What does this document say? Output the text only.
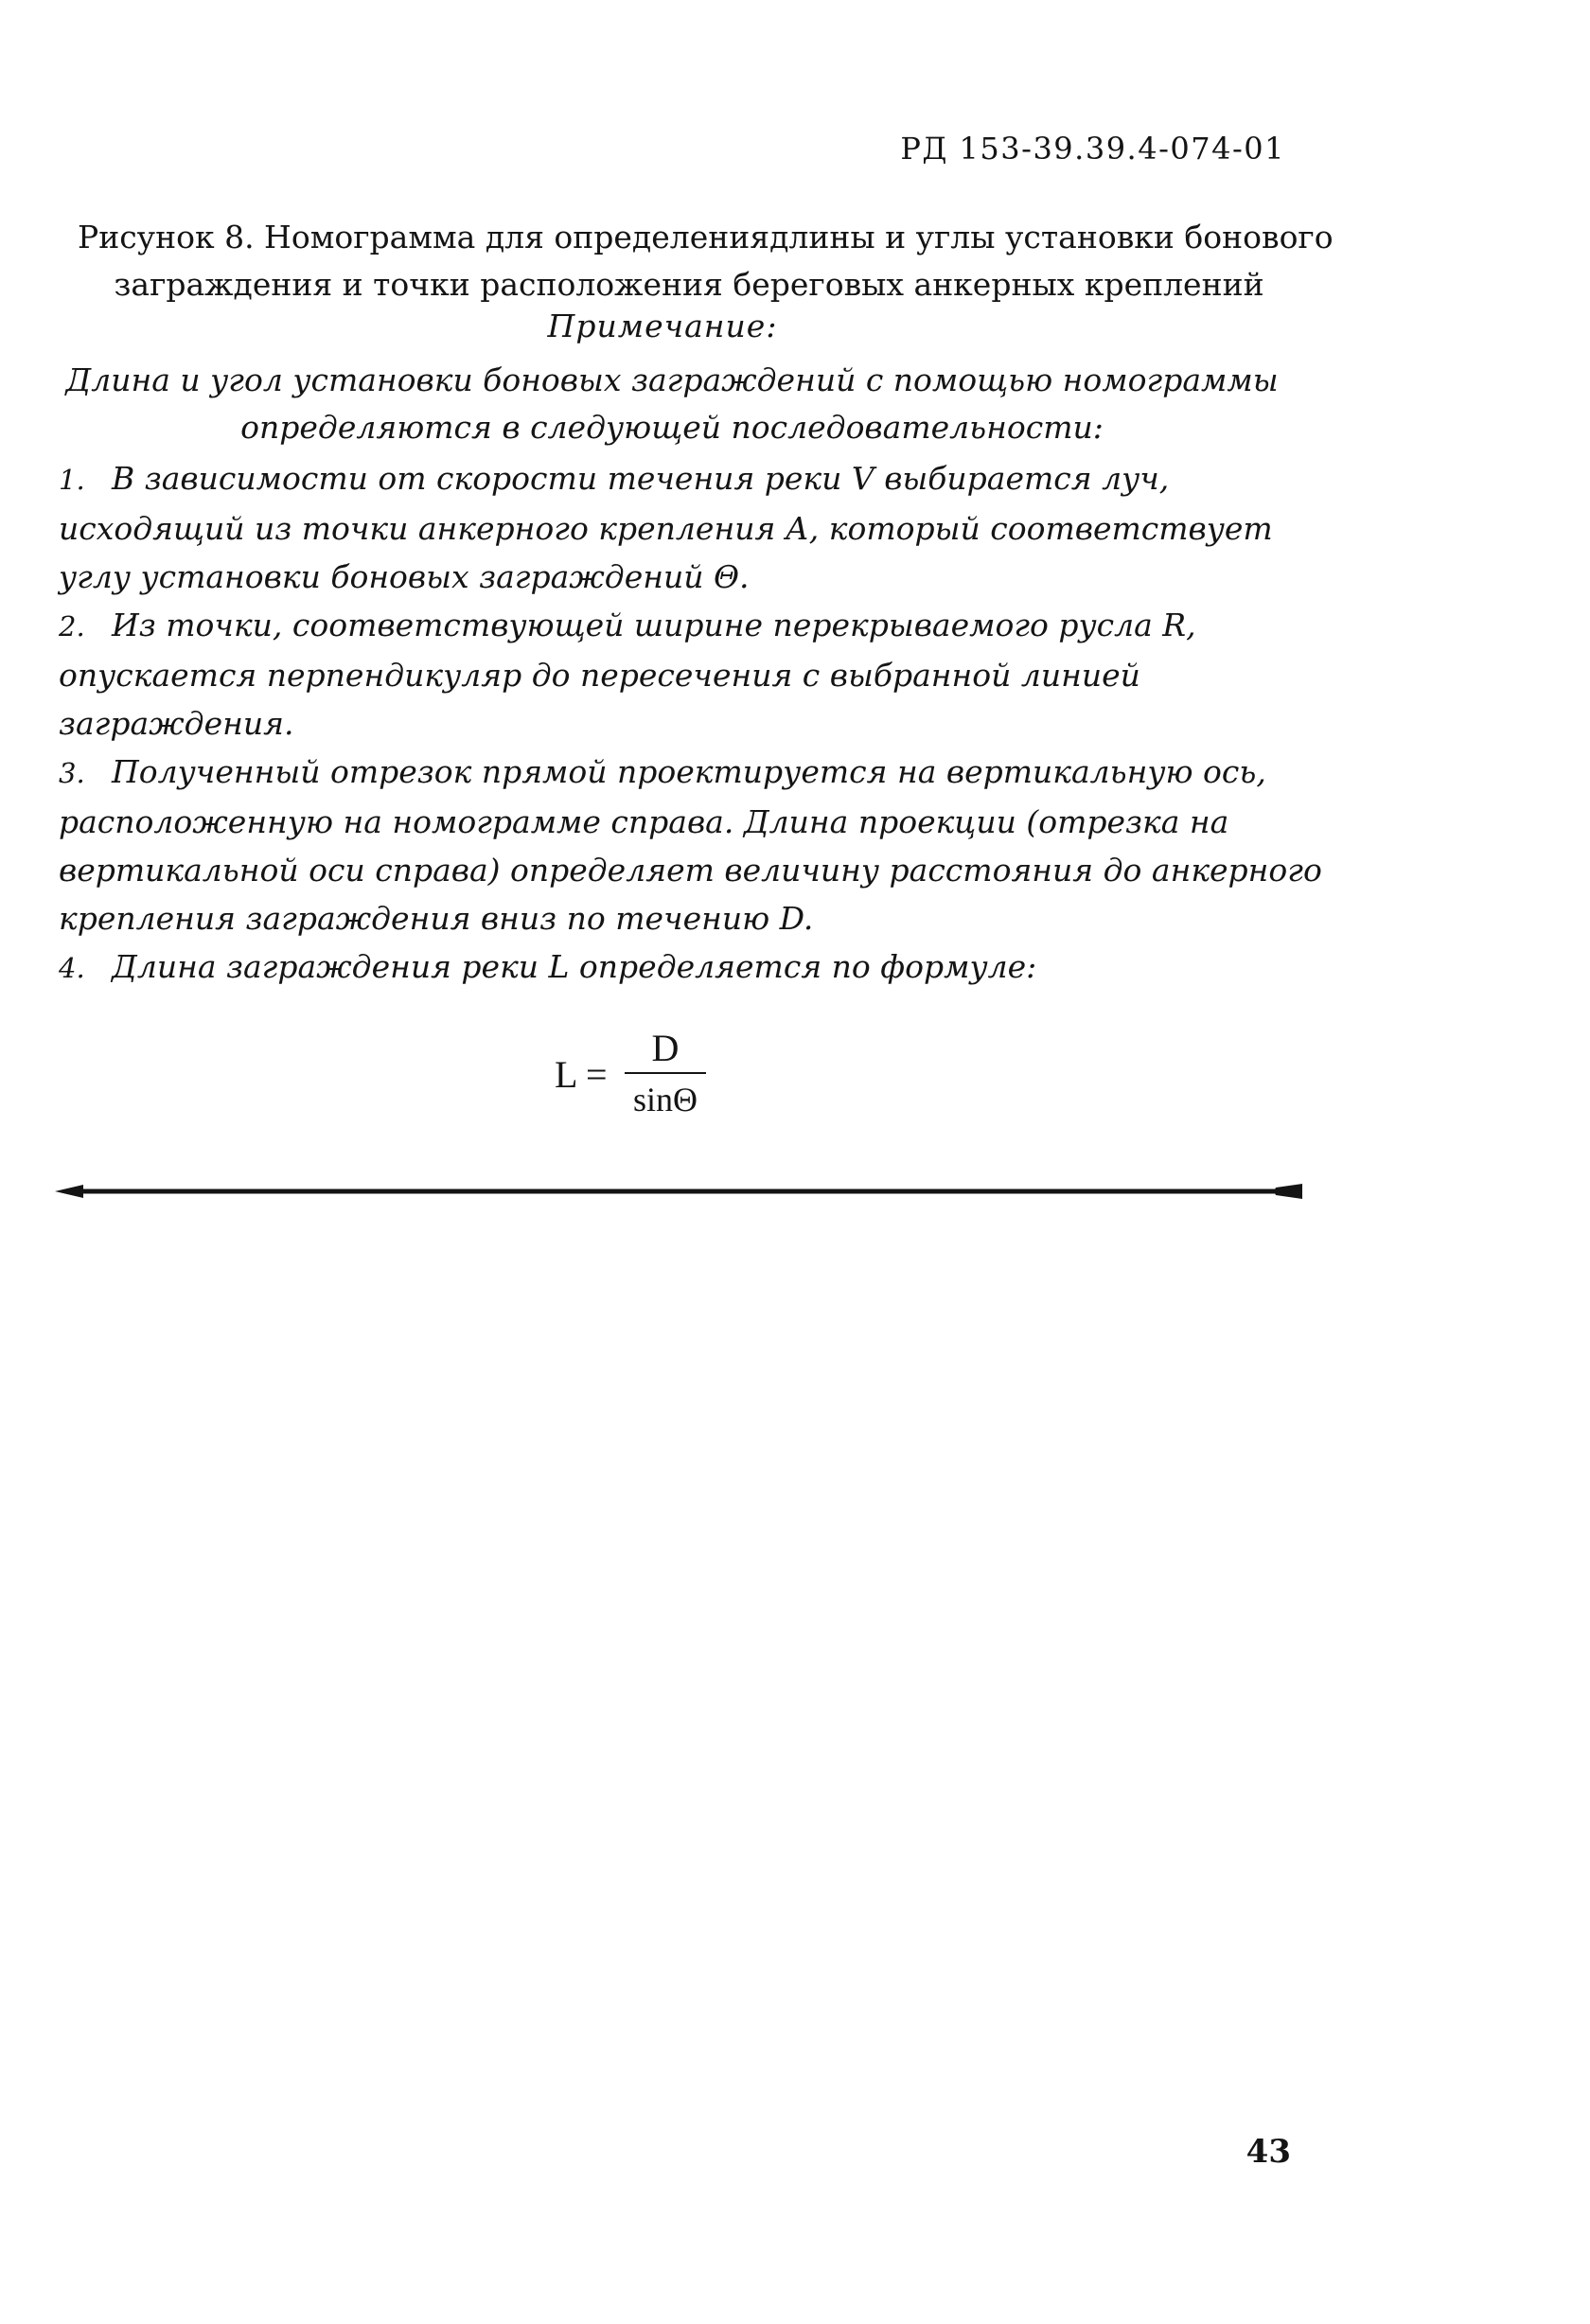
РД 153-39.39.4-074-01
Рисунок 8. Номограмма для определениядлины и углы установки бонового
заграждения и точки расположения береговых анкерных креплений
Примечание:
Длина и угол установки боновых заграждений с помощью номограммы
определяются в следующей последовательности:
1. В зависимости от скорости течения реки V выбирается луч,
исходящий из точки анкерного крепления А, который соответствует
углу установки боновых заграждений Θ.
2. Из точки, соответствующей ширине перекрываемого русла R,
опускается перпендикуляр до пересечения с выбранной линией
заграждения.
3. Полученный отрезок прямой проектируется на вертикальную ось,
расположенную на номограмме справа. Длина проекции (отрезка на
вертикальной оси справа) определяет величину расстояния до анкерного
крепления заграждения вниз по течению D.
4. Длина заграждения реки L определяется по формуле:
L =
D
sinΘ
43
